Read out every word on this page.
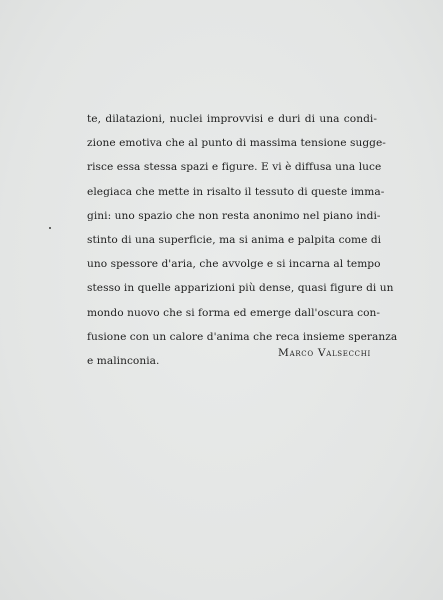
te, dilatazioni, nuclei improvvisi e duri di una condi-
zione emotiva che al punto di massima tensione sugge-
risce essa stessa spazi e figure. E vi è diffusa una luce
elegiaca che mette in risalto il tessuto di queste imma-
gini: uno spazio che non resta anonimo nel piano indi-
stinto di una superficie, ma si anima e palpita come di
uno spessore d'aria, che avvolge e si incarna al tempo
stesso in quelle apparizioni più dense, quasi figure di un
mondo nuovo che si forma ed emerge dall'oscura con-
fusione con un calore d'anima che reca insieme speranza
e malinconia.
Marco Valsecchi
